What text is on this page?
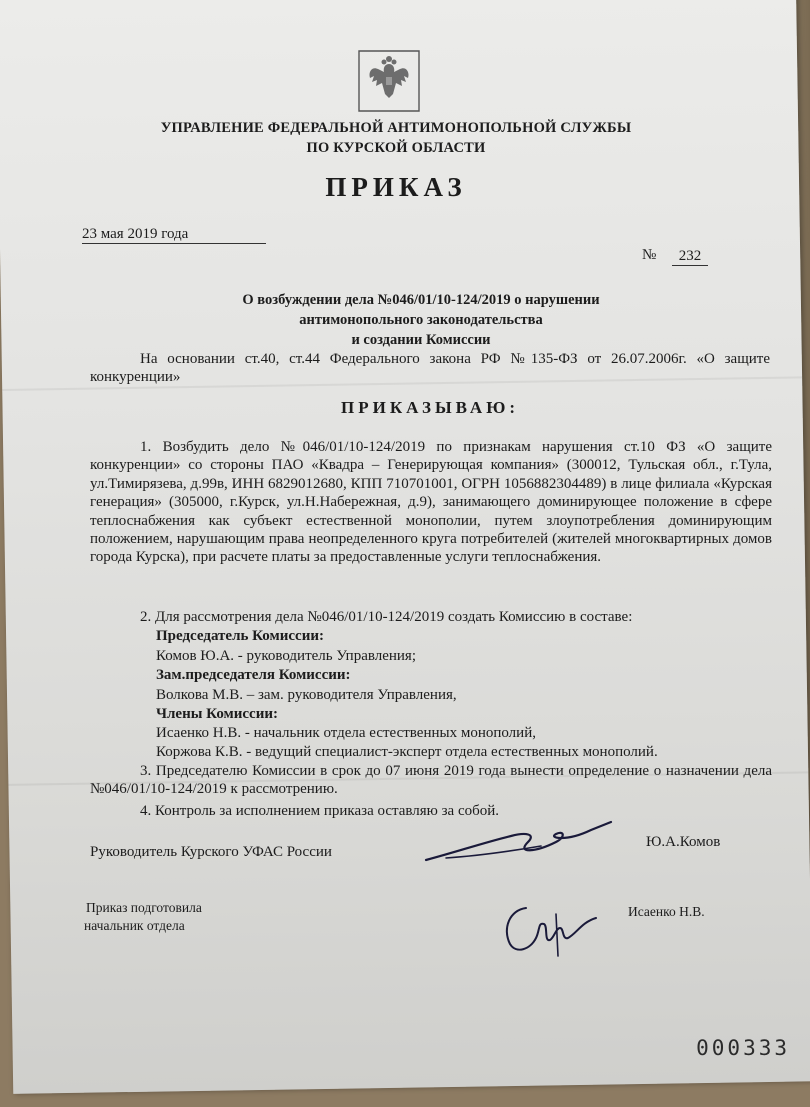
УПРАВЛЕНИЕ ФЕДЕРАЛЬНОЙ АНТИМОНОПОЛЬНОЙ СЛУЖБЫ
ПО КУРСКОЙ ОБЛАСТИ
ПРИКАЗ
23 мая 2019 года
№	232
О возбуждении дела №046/01/10-124/2019 о нарушении
антимонопольного законодательства
и создании Комиссии
На основании ст.40, ст.44 Федерального закона РФ №135-ФЗ от 26.07.2006г. «О защите конкуренции»
ПРИКАЗЫВАЮ:
1. Возбудить дело №046/01/10-124/2019 по признакам нарушения ст.10 ФЗ «О защите конкуренции» со стороны ПАО «Квадра – Генерирующая компания» (300012, Тульская обл., г.Тула, ул.Тимирязева, д.99в, ИНН 6829012680, КПП 710701001, ОГРН 1056882304489) в лице филиала «Курская генерация» (305000, г.Курск, ул.Н.Набережная, д.9), занимающего доминирующее положение в сфере теплоснабжения как субъект естественной монополии, путем злоупотребления доминирующим положением, нарушающим права неопределенного круга потребителей (жителей многоквартирных домов города Курска), при расчете платы за предоставленные услуги теплоснабжения.
2. Для рассмотрения дела №046/01/10-124/2019 создать Комиссию в составе:
Председатель Комиссии:
Комов Ю.А. - руководитель Управления;
Зам.председателя Комиссии:
Волкова М.В. – зам. руководителя Управления,
Члены Комиссии:
Исаенко Н.В. - начальник отдела естественных монополий,
Коржова К.В. - ведущий специалист-эксперт отдела естественных монополий.
3. Председателю Комиссии в срок до 07 июня 2019 года вынести определение о назначении дела №046/01/10-124/2019 к рассмотрению.
4. Контроль за исполнением приказа оставляю за собой.
Руководитель Курского УФАС России
Ю.А.Комов
Приказ подготовила
начальник отдела
Исаенко Н.В.
000333
